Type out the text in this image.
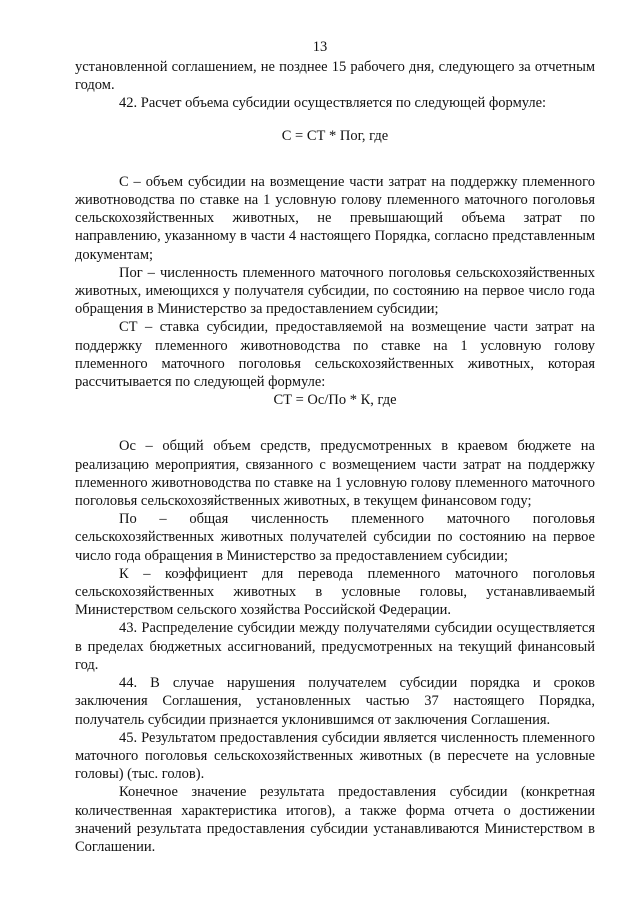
13

установленной соглашением, не позднее 15 рабочего дня, следующего за отчетным годом.

42. Расчет объема субсидии осуществляется по следующей формуле:

С = СТ * Пог, где

С – объем субсидии на возмещение части затрат на поддержку племенного животноводства по ставке на 1 условную голову племенного маточного поголовья сельскохозяйственных животных, не превышающий объема затрат по направлению, указанному в части 4 настоящего Порядка, согласно представленным документам;

Пог – численность племенного маточного поголовья сельскохозяйственных животных, имеющихся у получателя субсидии, по состоянию на первое число года обращения в Министерство за предоставлением субсидии;

СТ – ставка субсидии, предоставляемой на возмещение части затрат на поддержку племенного животноводства по ставке на 1 условную голову племенного маточного поголовья сельскохозяйственных животных, которая рассчитывается по следующей формуле:

СТ = Ос/По * К, где

Ос – общий объем средств, предусмотренных в краевом бюджете на реализацию мероприятия, связанного с возмещением части затрат на поддержку племенного животноводства по ставке на 1 условную голову племенного маточного поголовья сельскохозяйственных животных, в текущем финансовом году;

По – общая численность племенного маточного поголовья сельскохозяйственных животных получателей субсидии по состоянию на первое число года обращения в Министерство за предоставлением субсидии;

К – коэффициент для перевода племенного маточного поголовья сельскохозяйственных животных в условные головы, устанавливаемый Министерством сельского хозяйства Российской Федерации.

43. Распределение субсидии между получателями субсидии осуществляется в пределах бюджетных ассигнований, предусмотренных на текущий финансовый год.

44. В случае нарушения получателем субсидии порядка и сроков заключения Соглашения, установленных частью 37 настоящего Порядка, получатель субсидии признается уклонившимся от заключения Соглашения.

45. Результатом предоставления субсидии является численность племенного маточного поголовья сельскохозяйственных животных (в пересчете на условные головы) (тыс. голов).

Конечное значение результата предоставления субсидии (конкретная количественная характеристика итогов), а также форма отчета о достижении значений результата предоставления субсидии устанавливаются Министерством в Соглашении.
